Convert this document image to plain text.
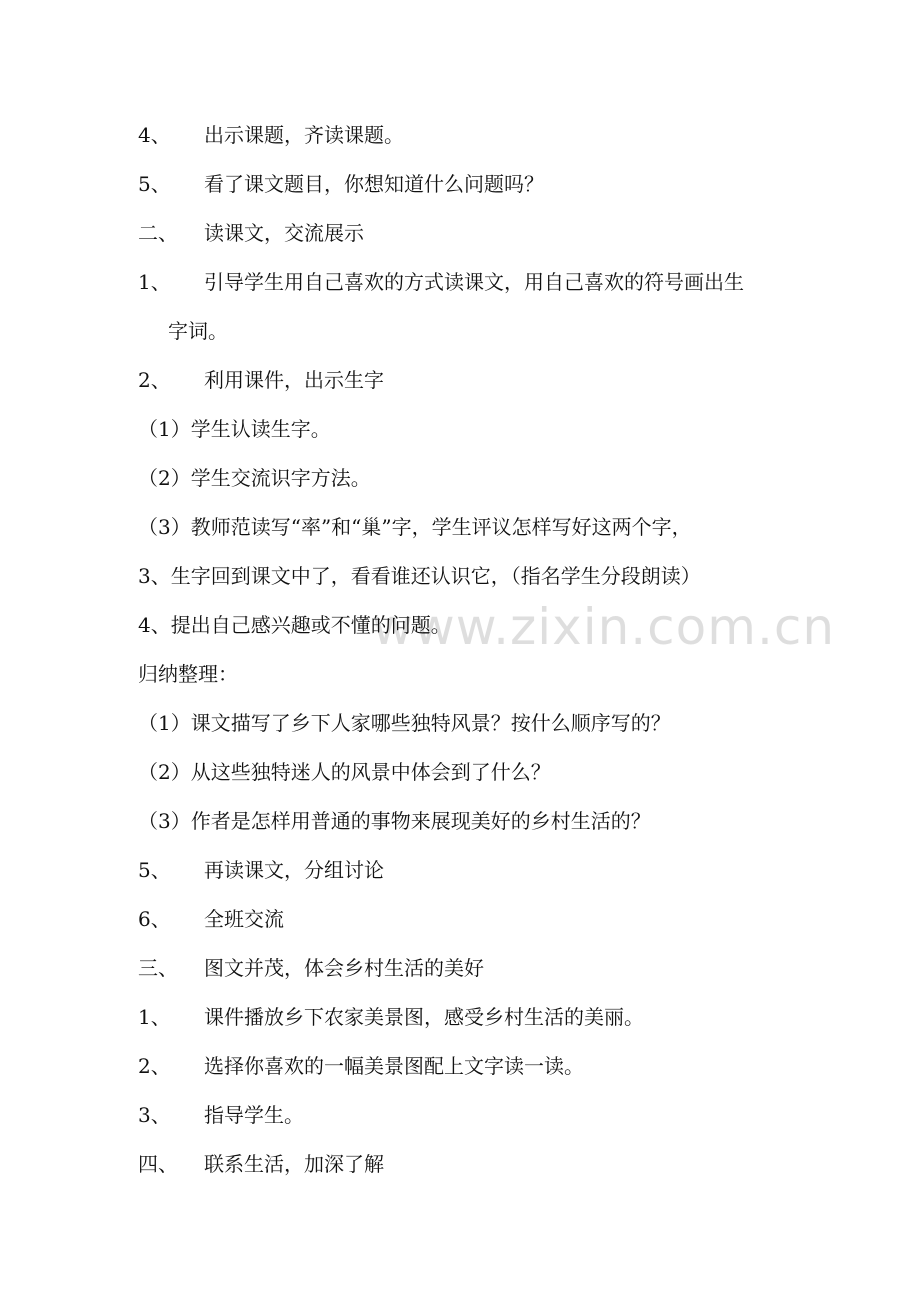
4、 出示课题，齐读课题。
5、 看了课文题目，你想知道什么问题吗？
二、 读课文，交流展示
1、 引导学生用自己喜欢的方式读课文，用自己喜欢的符号画出生
字词。
2、 利用课件，出示生字
（1）学生认读生字。
（2）学生交流识字方法。
（3）教师范读写“率”和“巢”字，学生评议怎样写好这两个字，
3、生字回到课文中了，看看谁还认识它，（指名学生分段朗读）
4、提出自己感兴趣或不懂的问题。
归纳整理：
（1）课文描写了乡下人家哪些独特风景？按什么顺序写的？
（2）从这些独特迷人的风景中体会到了什么？
（3）作者是怎样用普通的事物来展现美好的乡村生活的？
5、 再读课文，分组讨论
6、 全班交流
三、 图文并茂，体会乡村生活的美好
1、 课件播放乡下农家美景图，感受乡村生活的美丽。
2、 选择你喜欢的一幅美景图配上文字读一读。
3、 指导学生。
四、 联系生活，加深了解
www.zixin.com.cn
